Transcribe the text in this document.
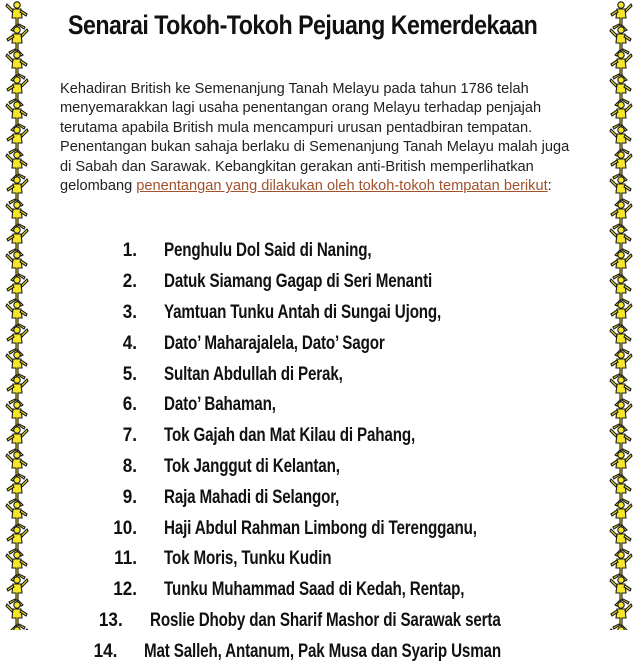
Senarai Tokoh-Tokoh Pejuang Kemerdekaan
Kehadiran British ke Semenanjung Tanah Melayu pada tahun 1786 telah menyemarakkan lagi usaha penentangan orang Melayu terhadap penjajah terutama apabila British mula mencampuri urusan pentadbiran tempatan. Penentangan bukan sahaja berlaku di Semenanjung Tanah Melayu malah juga di Sabah dan Sarawak. Kebangkitan gerakan anti-British memperlihatkan gelombang penentangan yang dilakukan oleh tokoh-tokoh tempatan berikut:
1.	Penghulu Dol Said di Naning,
2.	Datuk Siamang Gagap di Seri Menanti
3.	Yamtuan Tunku Antah di Sungai Ujong,
4.	Dato’ Maharajalela, Dato’ Sagor
5.	Sultan Abdullah di Perak,
6.	Dato’ Bahaman,
7.	Tok Gajah dan Mat Kilau di Pahang,
8.	Tok Janggut di Kelantan,
9.	Raja Mahadi di Selangor,
10.	Haji Abdul Rahman Limbong di Terengganu,
11.	Tok Moris, Tunku Kudin
12.	Tunku Muhammad Saad di Kedah, Rentap,
13.	Roslie Dhoby dan Sharif Mashor di Sarawak serta
14.	Mat Salleh, Antanum, Pak Musa dan Syarip Usman
